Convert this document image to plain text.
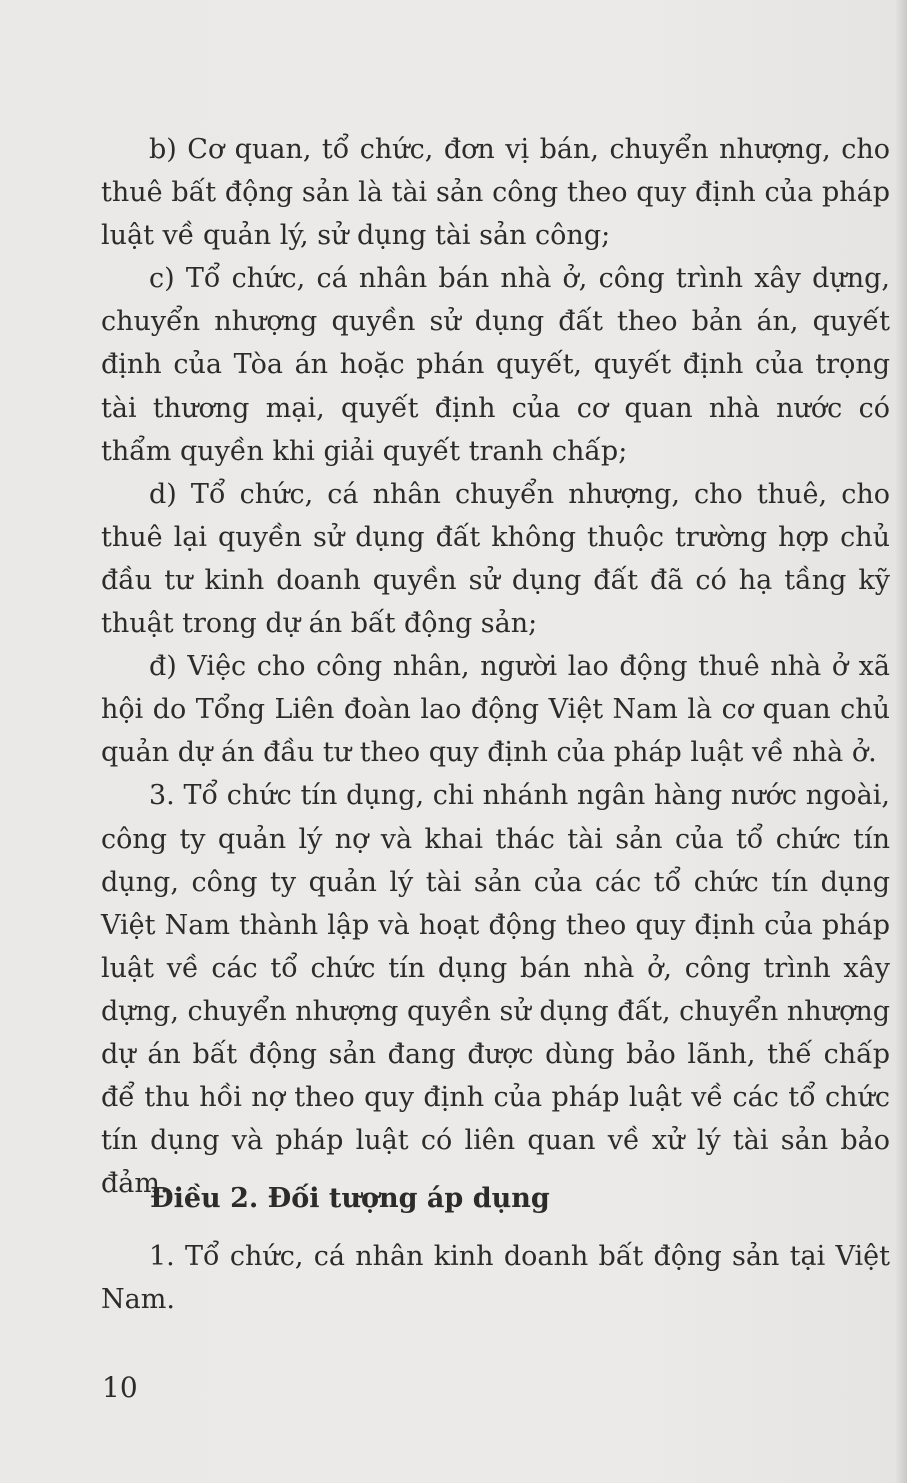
b) Cơ quan, tổ chức, đơn vị bán, chuyển nhượng, cho thuê bất động sản là tài sản công theo quy định của pháp luật về quản lý, sử dụng tài sản công;

c) Tổ chức, cá nhân bán nhà ở, công trình xây dựng, chuyển nhượng quyền sử dụng đất theo bản án, quyết định của Tòa án hoặc phán quyết, quyết định của trọng tài thương mại, quyết định của cơ quan nhà nước có thẩm quyền khi giải quyết tranh chấp;

d) Tổ chức, cá nhân chuyển nhượng, cho thuê, cho thuê lại quyền sử dụng đất không thuộc trường hợp chủ đầu tư kinh doanh quyền sử dụng đất đã có hạ tầng kỹ thuật trong dự án bất động sản;

đ) Việc cho công nhân, người lao động thuê nhà ở xã hội do Tổng Liên đoàn lao động Việt Nam là cơ quan chủ quản dự án đầu tư theo quy định của pháp luật về nhà ở.

3. Tổ chức tín dụng, chi nhánh ngân hàng nước ngoài, công ty quản lý nợ và khai thác tài sản của tổ chức tín dụng, công ty quản lý tài sản của các tổ chức tín dụng Việt Nam thành lập và hoạt động theo quy định của pháp luật về các tổ chức tín dụng bán nhà ở, công trình xây dựng, chuyển nhượng quyền sử dụng đất, chuyển nhượng dự án bất động sản đang được dùng bảo lãnh, thế chấp để thu hồi nợ theo quy định của pháp luật về các tổ chức tín dụng và pháp luật có liên quan về xử lý tài sản bảo đảm.

Điều 2. Đối tượng áp dụng

1. Tổ chức, cá nhân kinh doanh bất động sản tại Việt Nam.

10
